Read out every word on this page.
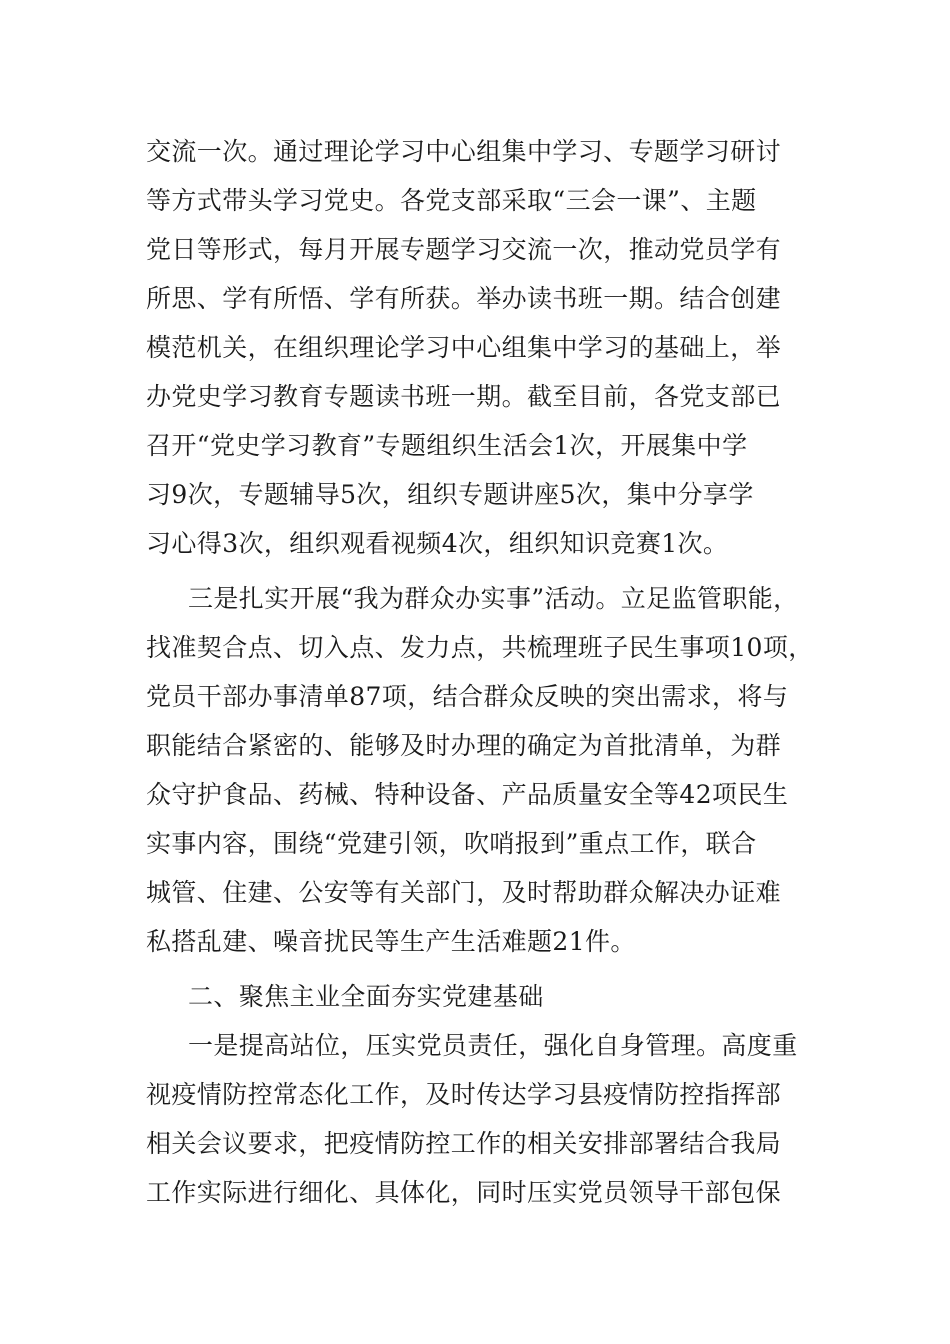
交流一次。通过理论学习中心组集中学习、专题学习研讨
等方式带头学习党史。各党支部采取“三会一课”、主题
党日等形式，每月开展专题学习交流一次，推动党员学有
所思、学有所悟、学有所获。举办读书班一期。结合创建
模范机关，在组织理论学习中心组集中学习的基础上，举
办党史学习教育专题读书班一期。截至目前，各党支部已
召开“党史学习教育”专题组织生活会1次，开展集中学
习9次，专题辅导5次，组织专题讲座5次，集中分享学
习心得3次，组织观看视频4次，组织知识竞赛1次。
三是扎实开展“我为群众办实事”活动。立足监管职能，
找准契合点、切入点、发力点，共梳理班子民生事项10项，
党员干部办事清单87项，结合群众反映的突出需求，将与
职能结合紧密的、能够及时办理的确定为首批清单，为群
众守护食品、药械、特种设备、产品质量安全等42项民生
实事内容，围绕“党建引领，吹哨报到”重点工作，联合
城管、住建、公安等有关部门，及时帮助群众解决办证难
私搭乱建、噪音扰民等生产生活难题21件。
二、聚焦主业全面夯实党建基础
一是提高站位，压实党员责任，强化自身管理。高度重
视疫情防控常态化工作，及时传达学习县疫情防控指挥部
相关会议要求，把疫情防控工作的相关安排部署结合我局
工作实际进行细化、具体化，同时压实党员领导干部包保
